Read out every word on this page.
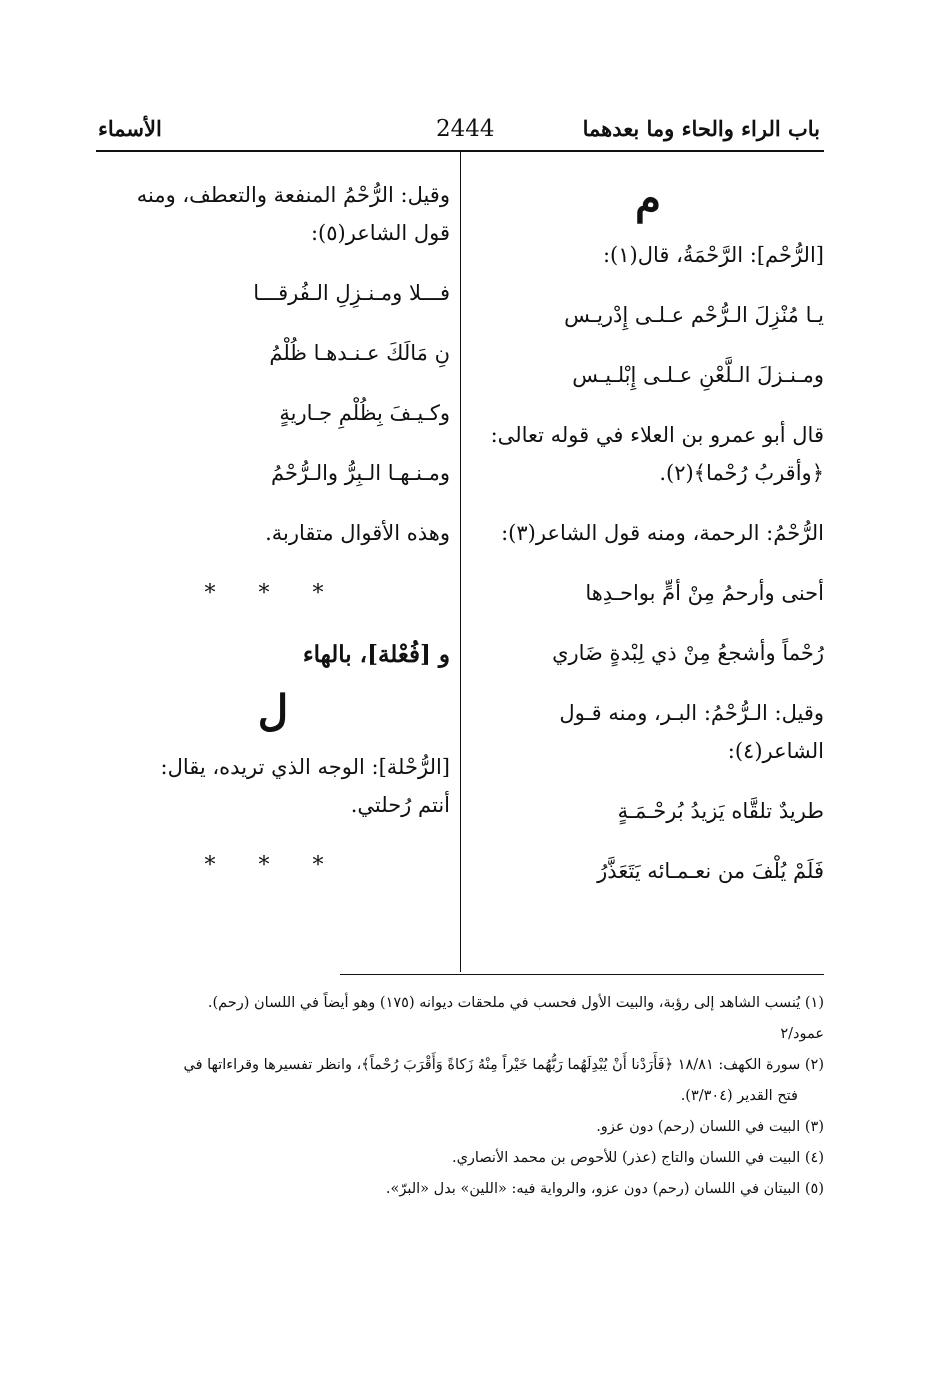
باب الراء والحاء وما بعدهما
2444
الأسماء

م

[الرُّحْم]: الرَّحْمَةُ، قال(١):

يـا مُنْزِلَ الـرُّحْم عـلـى إِدْريـس

ومـنـزلَ الـلَّعْنِ عـلـى إِبْلـيـس

قال أبو عمرو بن العلاء في قوله تعالى:

﴿وأقربُ رُحْما﴾(٢).

الرُّحْمُ: الرحمة، ومنه قول الشاعر(٣):

أحنى وأرحمُ مِنْ أمٍّ بواحـدِها

رُحْماً وأشجعُ مِنْ ذي لِبْدةٍ ضَاري

وقيل: الـرُّحْمُ: البـر، ومنه قـول

الشاعر(٤):

طريدٌ تلقَّاه يَزيدُ بُرحْـمَـةٍ

فَلَمْ يُلْفَ من نعـمـائه يَتَعَذَّرُ

وقيل: الرُّحْمُ المنفعة والتعطف، ومنه

قول الشاعر(٥):

فـــلا ومـنـزِلِ الـفُرقـــا

نِ مَالَكَ عـنـدهـا ظُلْمُ

وكـيـفَ بِظُلْمِ جـاريةٍ

ومـنـهـا الـبِرُّ والـرُّحْمُ

وهذه الأقوال متقاربة.

* * *

و [فُعْلة]، بالهاء

ل

[الرُّحْلة]: الوجه الذي تريده، يقال:

أنتم رُحلتي.

* * *

(١) يُنسب الشاهد إلى رؤبة، والبيت الأول فحسب في ملحقات ديوانه (١٧٥) وهو أيضاً في اللسان (رحم).

عمود/٢

(٢) سورة الكهف: ١٨/٨١ ﴿فَأَرَدْنا أَنْ يُبْدِلَهُما رَبُّهُما خَيْراً مِنْهُ زَكاةً وَأَقْرَبَ رُحْماً﴾، وانظر تفسيرها وقراءاتها في

فتح القدير (٣/٣٠٤).

(٣) البيت في اللسان (رحم) دون عزو.

(٤) البيت في اللسان والتاج (عذر) للأحوص بن محمد الأنصاري.

(٥) البيتان في اللسان (رحم) دون عزو، والرواية فيه: «اللين» بدل «البرّ».
